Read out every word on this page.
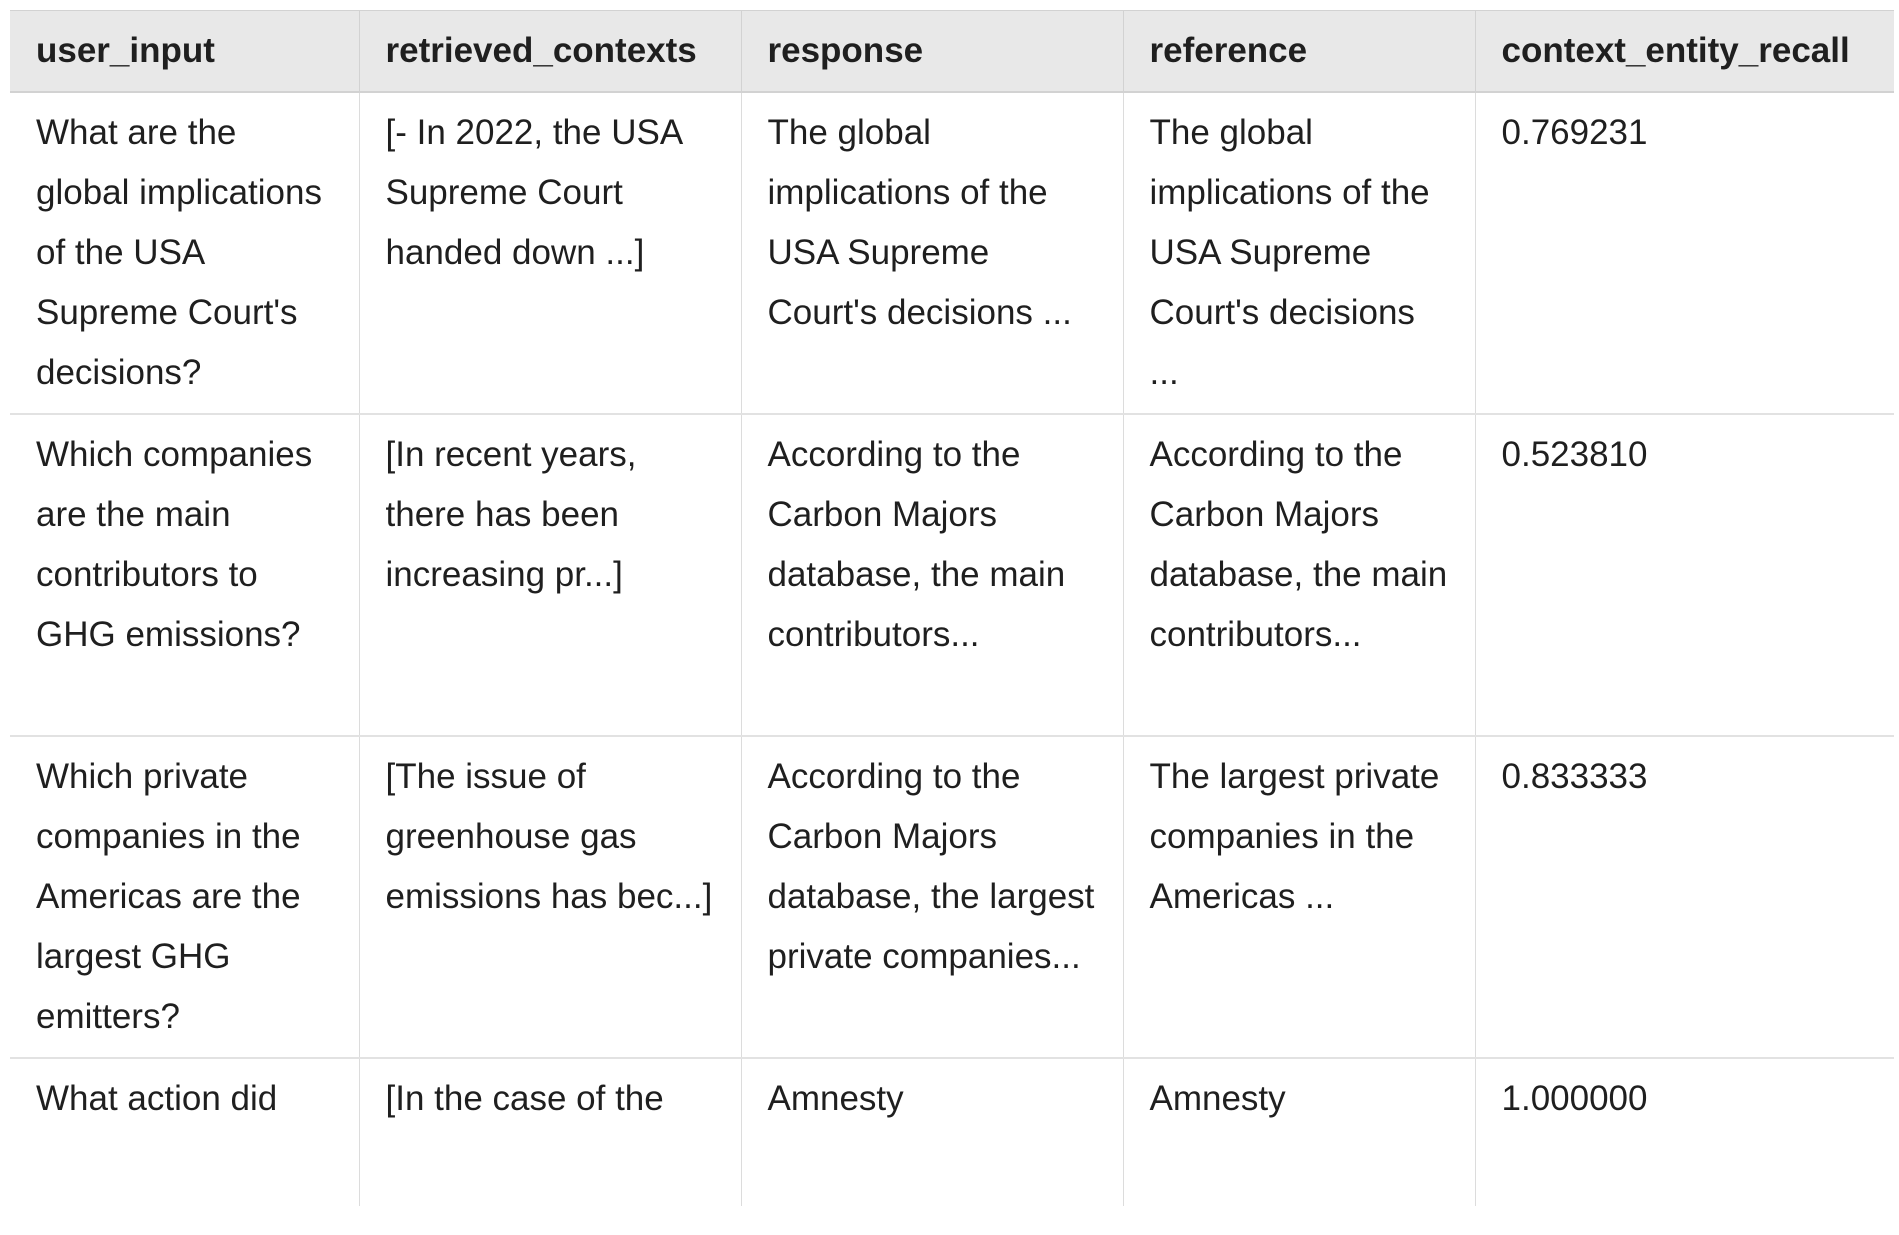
user_input	retrieved_contexts	response	reference	context_entity_recall
What are the global implications of the USA Supreme Court's decisions?	[- In 2022, the USA Supreme Court handed down ...]	The global implications of the USA Supreme Court's decisions ...	The global implications of the USA Supreme Court's decisions ...	0.769231
Which companies are the main contributors to GHG emissions?	[In recent years, there has been increasing pr...]	According to the Carbon Majors database, the main contributors...	According to the Carbon Majors database, the main contributors...	0.523810
Which private companies in the Americas are the largest GHG emitters?	[The issue of greenhouse gas emissions has bec...]	According to the Carbon Majors database, the largest private companies...	The largest private companies in the Americas ...	0.833333
What action did	[In the case of the	Amnesty	Amnesty	1.000000
